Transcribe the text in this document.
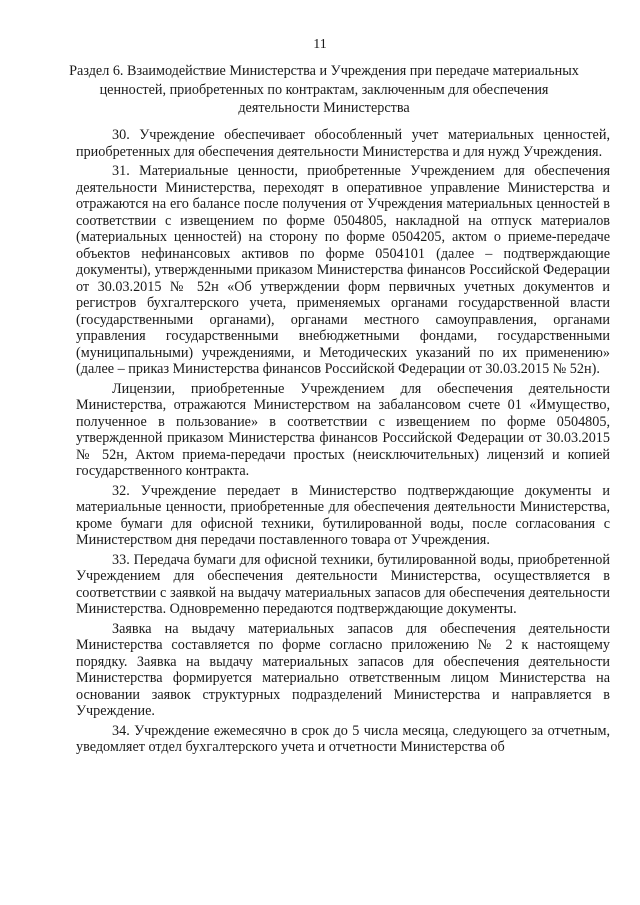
11
Раздел 6. Взаимодействие Министерства и Учреждения при передаче материальных ценностей, приобретенных по контрактам, заключенным для обеспечения деятельности Министерства

30. Учреждение обеспечивает обособленный учет материальных ценностей, приобретенных для обеспечения деятельности Министерства и для нужд Учреждения.

31. Материальные ценности, приобретенные Учреждением для обеспечения деятельности Министерства, переходят в оперативное управление Министерства и отражаются на его балансе после получения от Учреждения материальных ценностей в соответствии с извещением по форме 0504805, накладной на отпуск материалов (материальных ценностей) на сторону по форме 0504205, актом о приеме-передаче объектов нефинансовых активов по форме 0504101 (далее – подтверждающие документы), утвержденными приказом Министерства финансов Российской Федерации от 30.03.2015 № 52н «Об утверждении форм первичных учетных документов и регистров бухгалтерского учета, применяемых органами государственной власти (государственными органами), органами местного самоуправления, органами управления государственными внебюджетными фондами, государственными (муниципальными) учреждениями, и Методических указаний по их применению» (далее – приказ Министерства финансов Российской Федерации от 30.03.2015 № 52н).

Лицензии, приобретенные Учреждением для обеспечения деятельности Министерства, отражаются Министерством на забалансовом счете 01 «Имущество, полученное в пользование» в соответствии с извещением по форме 0504805, утвержденной приказом Министерства финансов Российской Федерации от 30.03.2015 № 52н, Актом приема-передачи простых (неисключительных) лицензий и копией государственного контракта.

32. Учреждение передает в Министерство подтверждающие документы и материальные ценности, приобретенные для обеспечения деятельности Министерства, кроме бумаги для офисной техники, бутилированной воды, после согласования с Министерством дня передачи поставленного товара от Учреждения.

33. Передача бумаги для офисной техники, бутилированной воды, приобретенной Учреждением для обеспечения деятельности Министерства, осуществляется в соответствии с заявкой на выдачу материальных запасов для обеспечения деятельности Министерства. Одновременно передаются подтверждающие документы.

Заявка на выдачу материальных запасов для обеспечения деятельности Министерства составляется по форме согласно приложению № 2 к настоящему порядку. Заявка на выдачу материальных запасов для обеспечения деятельности Министерства формируется материально ответственным лицом Министерства на основании заявок структурных подразделений Министерства и направляется в Учреждение.

34. Учреждение ежемесячно в срок до 5 числа месяца, следующего за отчетным, уведомляет отдел бухгалтерского учета и отчетности Министерства об
